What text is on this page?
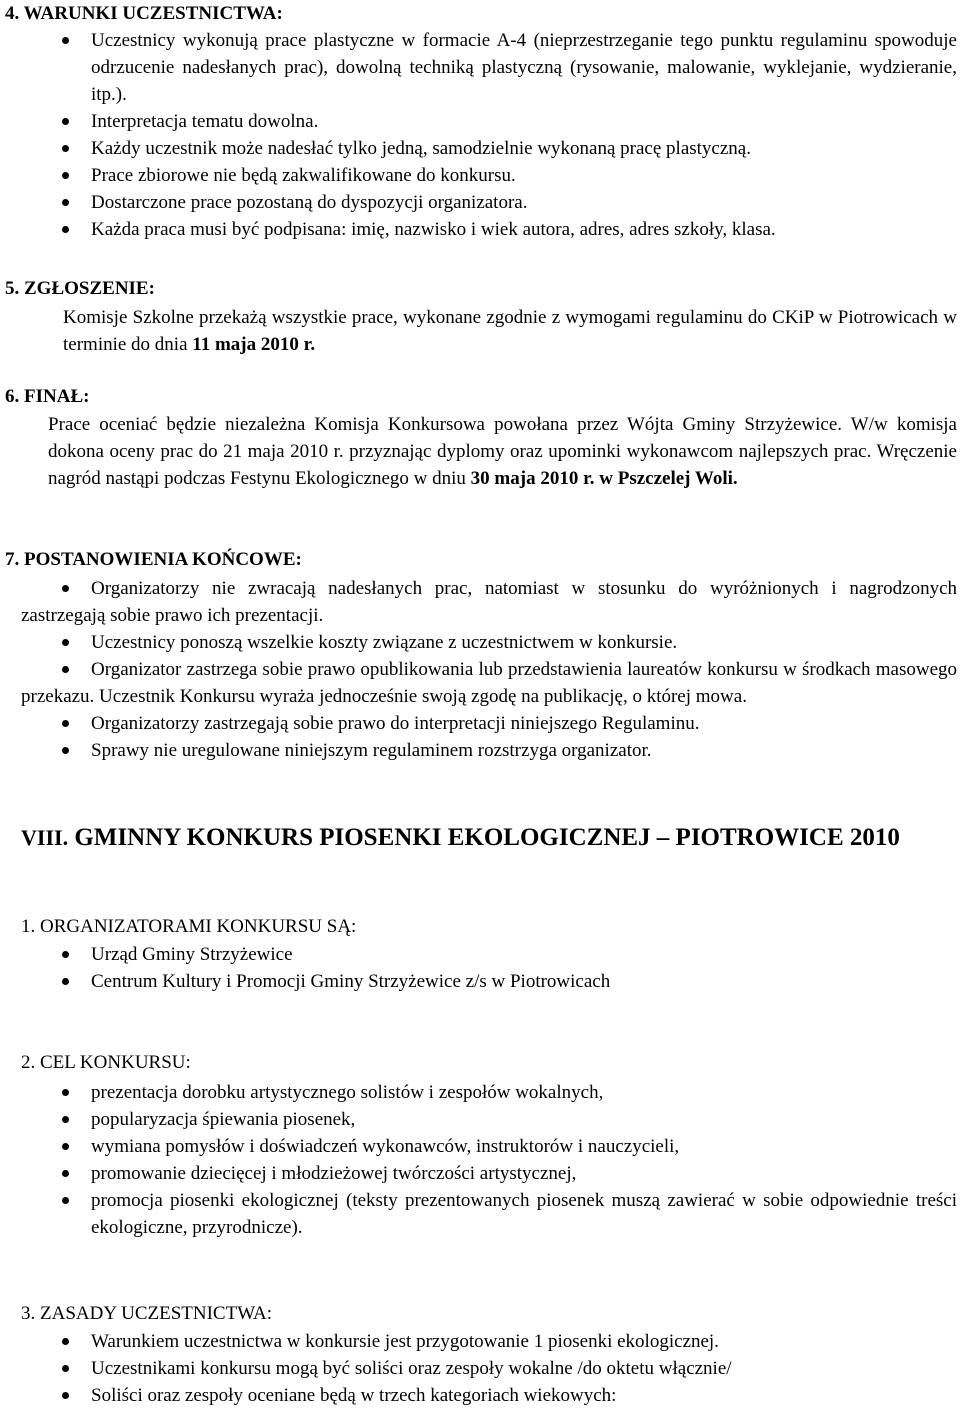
4. WARUNKI UCZESTNICTWA:
Uczestnicy wykonują prace plastyczne w formacie A-4 (nieprzestrzeganie tego punktu regulaminu spowoduje odrzucenie nadesłanych prac), dowolną techniką plastyczną (rysowanie, malowanie, wyklejanie, wydzieranie, itp.).
Interpretacja tematu dowolna.
Każdy uczestnik może nadesłać tylko jedną, samodzielnie wykonaną pracę plastyczną.
Prace zbiorowe nie będą zakwalifikowane do konkursu.
Dostarczone prace pozostaną do dyspozycji organizatora.
Każda praca musi być podpisana: imię, nazwisko i wiek autora, adres, adres szkoły, klasa.
5. ZGŁOSZENIE:
Komisje Szkolne przekażą wszystkie prace, wykonane zgodnie z wymogami regulaminu do CKiP w Piotrowicach w terminie do dnia 11 maja 2010 r.
6. FINAŁ:
Prace oceniać będzie niezależna Komisja Konkursowa powołana przez Wójta Gminy Strzyżewice. W/w komisja dokona oceny prac do 21 maja 2010 r. przyznając dyplomy oraz upominki wykonawcom najlepszych prac. Wręczenie nagród nastąpi podczas Festynu Ekologicznego w dniu 30 maja 2010 r. w Pszczelej Woli.
7. POSTANOWIENIA KOŃCOWE:
Organizatorzy nie zwracają nadesłanych prac, natomiast w stosunku do wyróżnionych i nagrodzonych zastrzegają sobie prawo ich prezentacji.
Uczestnicy ponoszą wszelkie koszty związane z uczestnictwem w konkursie.
Organizator zastrzega sobie prawo opublikowania lub przedstawienia laureatów konkursu w środkach masowego przekazu. Uczestnik Konkursu wyraża jednocześnie swoją zgodę na publikację, o której mowa.
Organizatorzy zastrzegają sobie prawo do interpretacji niniejszego Regulaminu.
Sprawy nie uregulowane niniejszym regulaminem rozstrzyga organizator.
VIII. GMINNY KONKURS PIOSENKI EKOLOGICZNEJ – PIOTROWICE 2010
1. ORGANIZATORAMI KONKURSU SĄ:
Urząd Gminy Strzyżewice
Centrum Kultury i Promocji Gminy Strzyżewice z/s w Piotrowicach
2. CEL KONKURSU:
prezentacja dorobku artystycznego solistów i zespołów wokalnych,
popularyzacja śpiewania piosenek,
wymiana pomysłów i doświadczeń wykonawców, instruktorów i nauczycieli,
promowanie dziecięcej i młodzieżowej twórczości artystycznej,
promocja piosenki ekologicznej (teksty prezentowanych piosenek muszą zawierać w sobie odpowiednie treści ekologiczne, przyrodnicze).
3. ZASADY UCZESTNICTWA:
Warunkiem uczestnictwa w konkursie jest przygotowanie 1 piosenki ekologicznej.
Uczestnikami konkursu mogą być soliści oraz zespoły wokalne /do oktetu włącznie/
Soliści oraz zespoły oceniane będą w trzech kategoriach wiekowych:
